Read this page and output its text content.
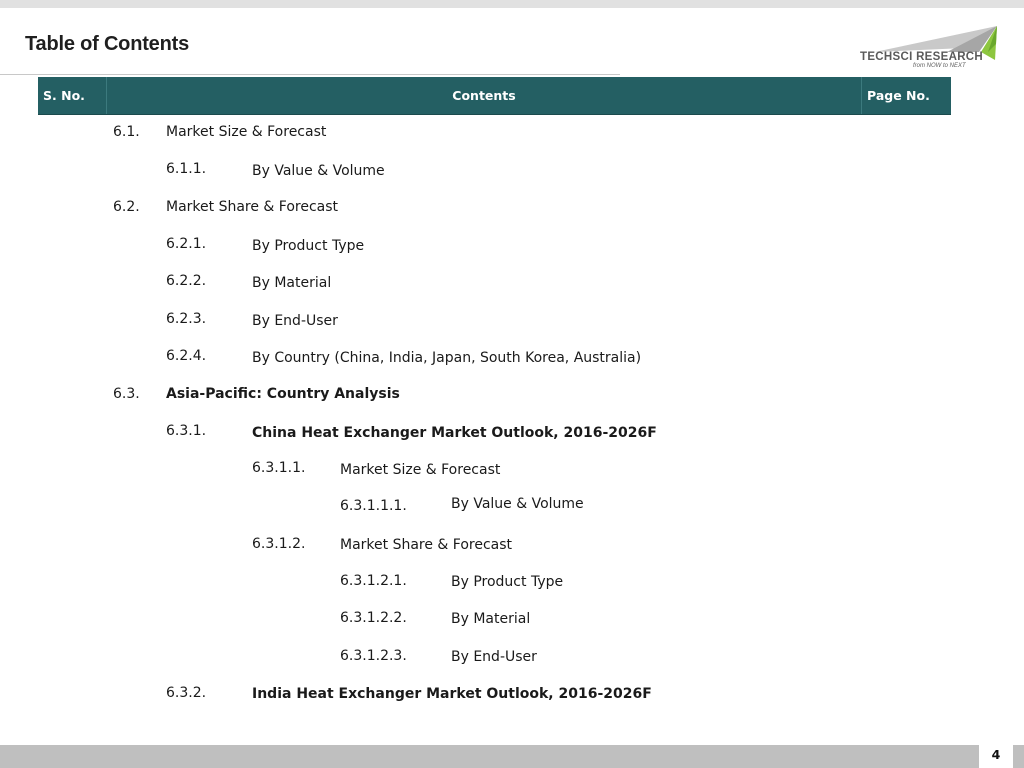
Table of Contents
TECHSCI RESEARCH
from NOW to NEXT
S. No.	Contents	Page No.
6.1. Market Size & Forecast
6.1.1.	By Value & Volume
6.2. Market Share & Forecast
6.2.1.	By Product Type
6.2.2.	By Material
6.2.3.	By End-User
6.2.4.	By Country (China, India, Japan, South Korea, Australia)
6.3. Asia-Pacific: Country Analysis
6.3.1.	China Heat Exchanger Market Outlook, 2016-2026F
6.3.1.1. Market Size & Forecast
6.3.1.1.1.	By Value & Volume
6.3.1.2. Market Share & Forecast
6.3.1.2.1.	By Product Type
6.3.1.2.2.	By Material
6.3.1.2.3.	By End-User
6.3.2.	India Heat Exchanger Market Outlook, 2016-2026F
4
